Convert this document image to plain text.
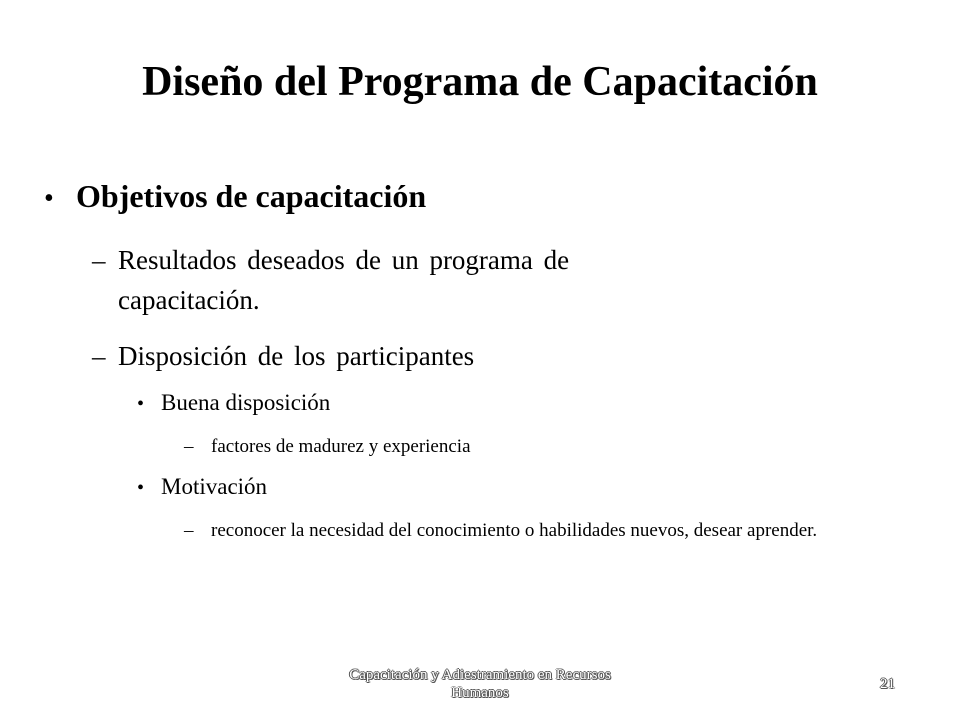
Diseño del Programa de Capacitación
• Objetivos de capacitación
– Resultados deseados de un programa de capacitación.
– Disposición de los participantes
• Buena disposición
– factores de madurez y experiencia
• Motivación
– reconocer la necesidad del conocimiento o habilidades nuevos, desear aprender.
Capacitación y Adiestramiento en Recursos Humanos
21
